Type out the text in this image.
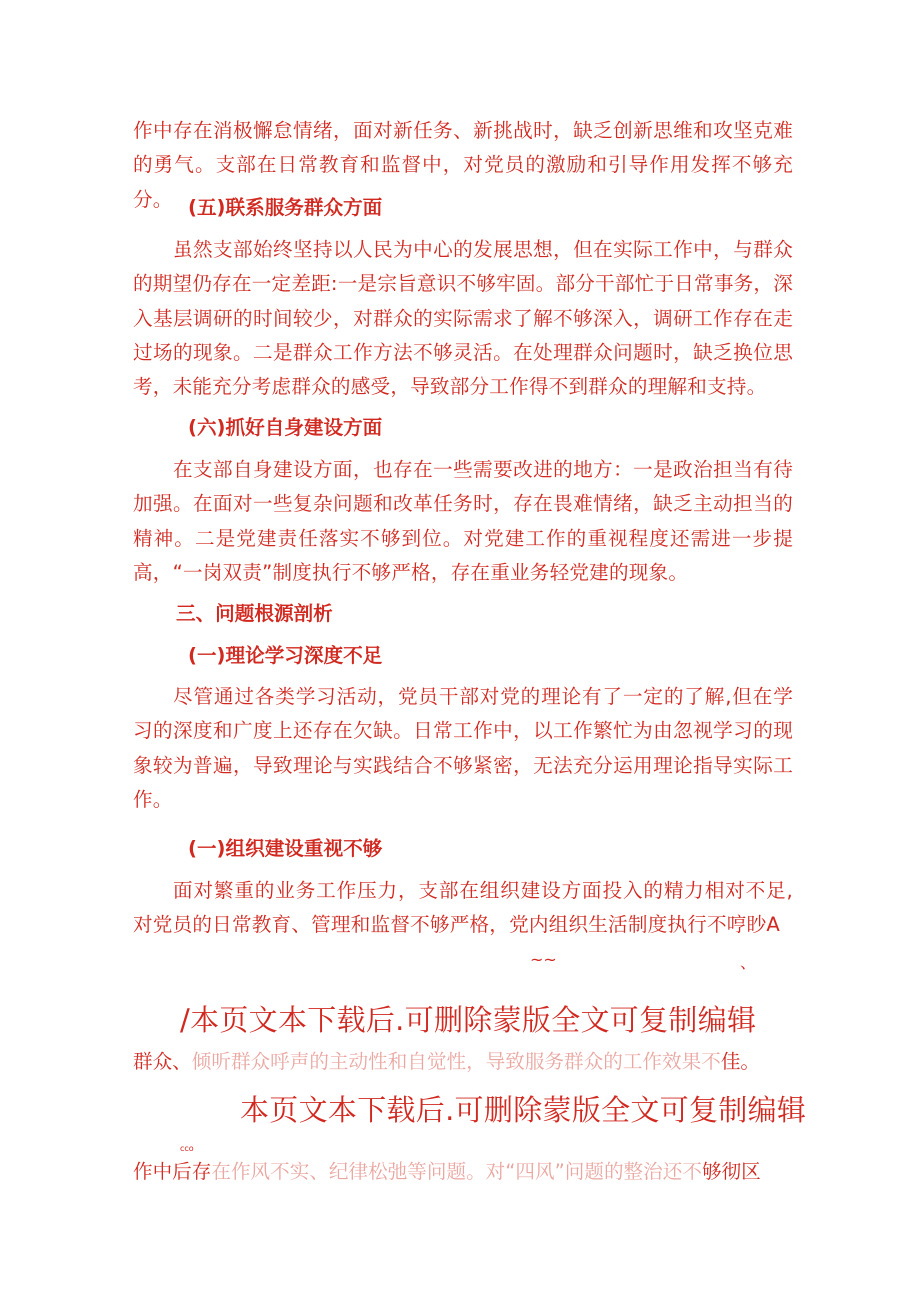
作中存在消极懈怠情绪，面对新任务、新挑战时，缺乏创新思维和攻坚克难的勇气。支部在日常教育和监督中，对党员的激励和引导作用发挥不够充分。 (五)联系服务群众方面

虽然支部始终坚持以人民为中心的发展思想，但在实际工作中，与群众的期望仍存在一定差距:一是宗旨意识不够牢固。部分干部忙于日常事务，深入基层调研的时间较少，对群众的实际需求了解不够深入，调研工作存在走过场的现象。二是群众工作方法不够灵活。在处理群众问题时，缺乏换位思考，未能充分考虑群众的感受，导致部分工作得不到群众的理解和支持。

(六)抓好自身建设方面

在支部自身建设方面，也存在一些需要改进的地方：一是政治担当有待加强。在面对一些复杂问题和改革任务时，存在畏难情绪，缺乏主动担当的精神。二是党建责任落实不够到位。对党建工作的重视程度还需进一步提高，“一岗双责”制度执行不够严格，存在重业务轻党建的现象。

三、问题根源剖析
(一)理论学习深度不足

尽管通过各类学习活动，党员干部对党的理论有了一定的了解,但在学习的深度和广度上还存在欠缺。日常工作中，以工作繁忙为由忽视学习的现象较为普遍，导致理论与实践结合不够紧密，无法充分运用理论指导实际工作。

(一)组织建设重视不够

面对繁重的业务工作压力，支部在组织建设方面投入的精力相对不足,对党员的日常教育、管理和监督不够严格，党内组织生活制度执行不哼眇A

~~	、
/本页文本下载后.可删除蒙版全文可复制编辑
群众、倾听群众呼声的主动性和自觉性，导致服务群众的工作效果不佳。
本页文本下载后.可删除蒙版全文可复制编辑
cco
作中后存在作风不实、纪律松弛等问题。对“四风”问题的整治还不够彻区
